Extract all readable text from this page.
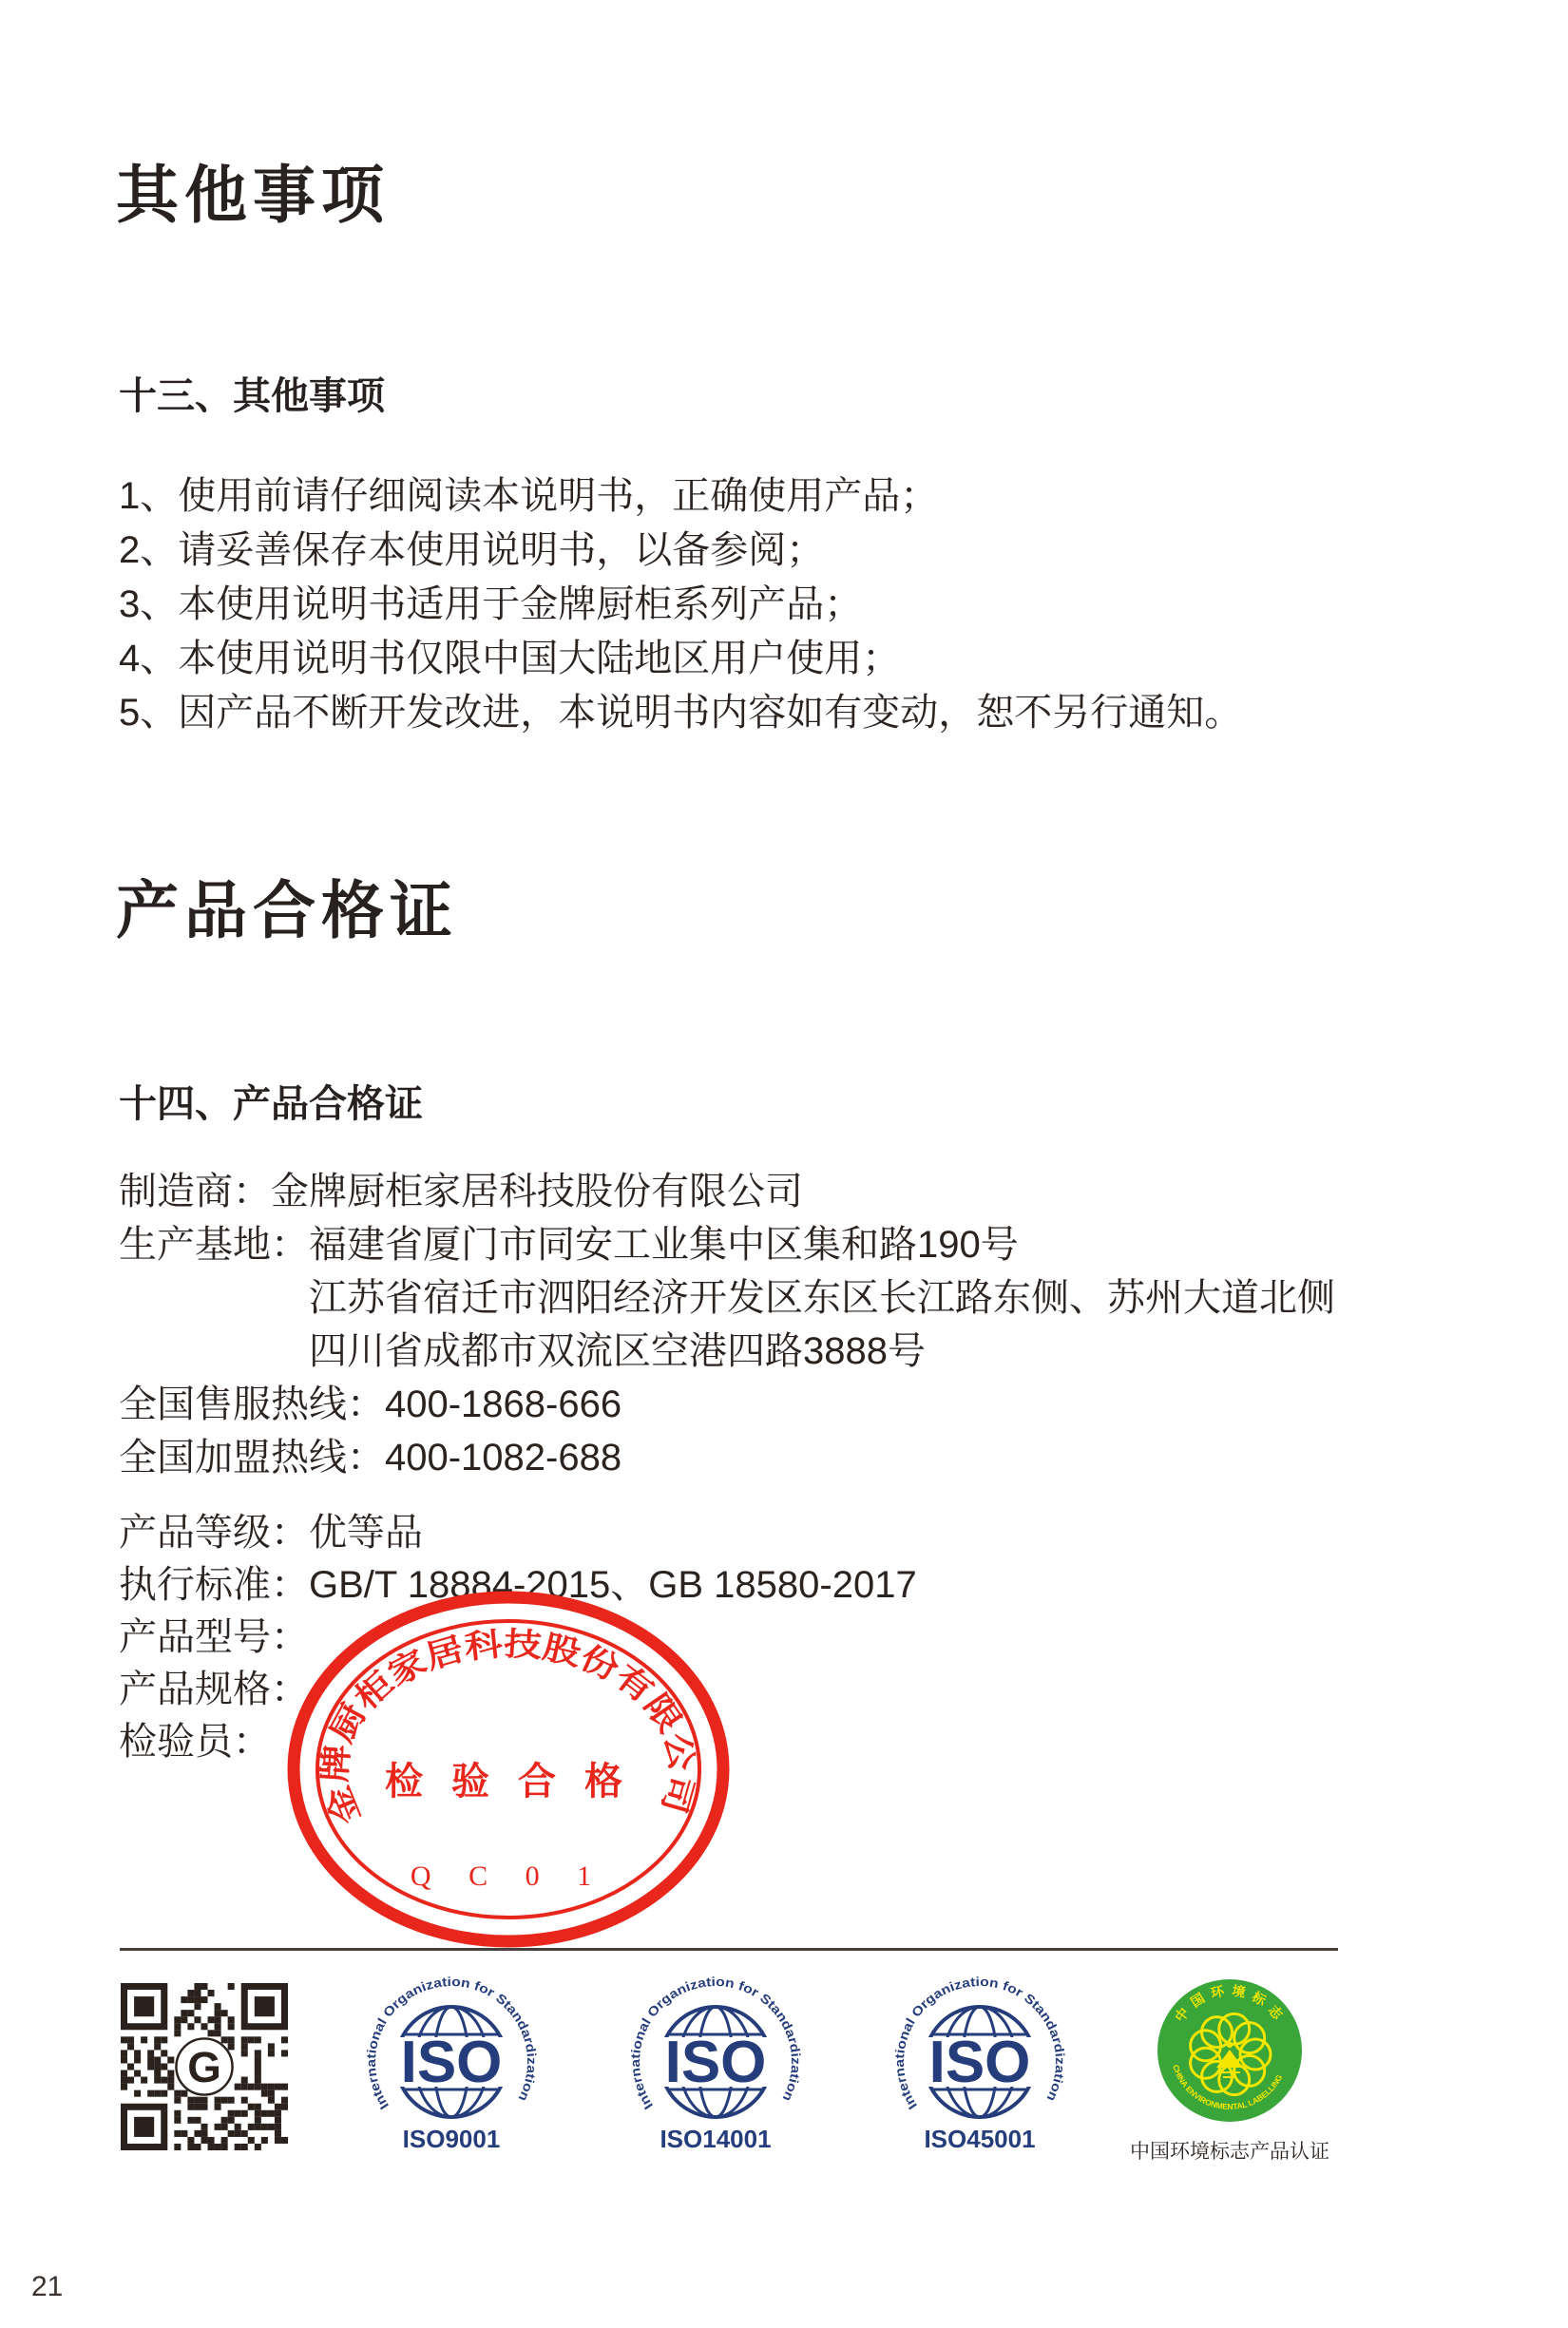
其他事项
十三、其他事项
1、使用前请仔细阅读本说明书，正确使用产品；
2、请妥善保存本使用说明书，以备参阅；
3、本使用说明书适用于金牌厨柜系列产品；
4、本使用说明书仅限中国大陆地区用户使用；
5、因产品不断开发改进，本说明书内容如有变动，恕不另行通知。
产品合格证
十四、产品合格证
制造商：金牌厨柜家居科技股份有限公司
生产基地：福建省厦门市同安工业集中区集和路190号
江苏省宿迁市泗阳经济开发区东区长江路东侧、苏州大道北侧
四川省成都市双流区空港四路3888号
全国售服热线：400-1868-666
全国加盟热线：400-1082-688
产品等级：优等品
执行标准：GB/T 18884-2015、GB 18580-2017
产品型号：
产品规格：
检验员：
金牌厨柜家居科技股份有限公司
检 验 合 格
Q C 0 1
G
International Organization for Standardization
ISO
ISO9001
International Organization for Standardization
ISO
ISO14001
International Organization for Standardization
ISO
ISO45001
中国环境标志
CHINA ENVIRONMENTAL LABELLING
中国环境标志产品认证
21
